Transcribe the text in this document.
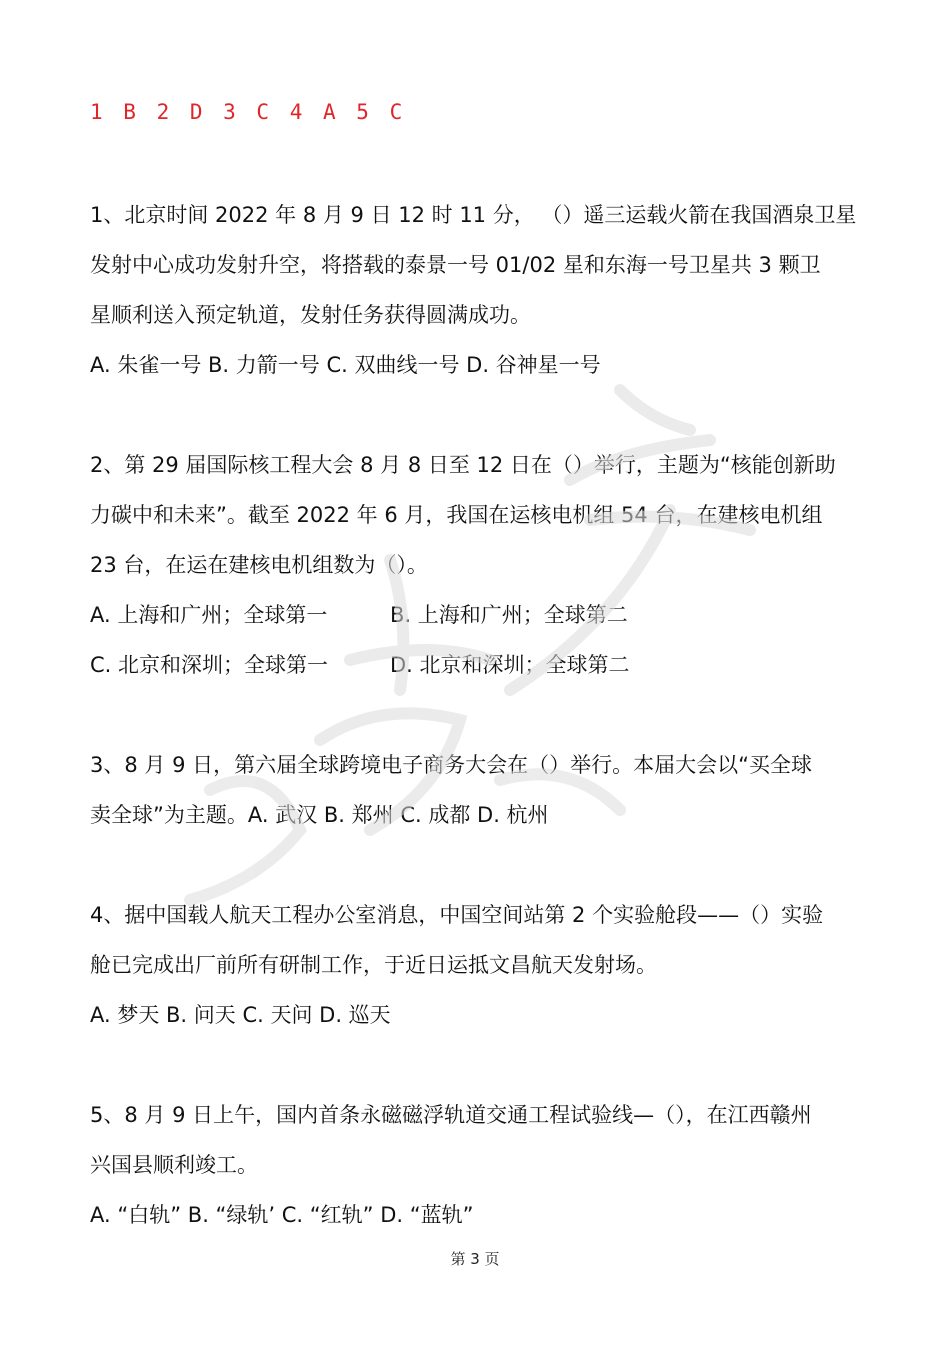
1 B 2 D 3 C 4 A 5 C
1、北京时间 2022 年 8 月 9 日 12 时 11 分， （）遥三运载火箭在我国酒泉卫星
发射中心成功发射升空，将搭载的泰景一号 01/02 星和东海一号卫星共 3 颗卫
星顺利送入预定轨道，发射任务获得圆满成功。
A. 朱雀一号 B. 力箭一号 C. 双曲线一号 D. 谷神星一号
2、第 29 届国际核工程大会 8 月 8 日至 12 日在（）举行，主题为“核能创新助
力碳中和未来”。截至 2022 年 6 月，我国在运核电机组 54 台，在建核电机组
23 台，在运在建核电机组数为（）。
A. 上海和广州；全球第一	B. 上海和广州；全球第二
C. 北京和深圳；全球第一	D. 北京和深圳；全球第二
3、8 月 9 日，第六届全球跨境电子商务大会在（）举行。本届大会以“买全球
卖全球”为主题。A. 武汉 B. 郑州 C. 成都 D. 杭州
4、据中国载人航天工程办公室消息，中国空间站第 2 个实验舱段——（）实验
舱已完成出厂前所有研制工作，于近日运抵文昌航天发射场。
A. 梦天 B. 问天 C. 天问 D. 巡天
5、8 月 9 日上午，国内首条永磁磁浮轨道交通工程试验线—（），在江西赣州
兴国县顺利竣工。
A. “白轨” B. “绿轨’ C. “红轨” D. “蓝轨”
第 3 页
